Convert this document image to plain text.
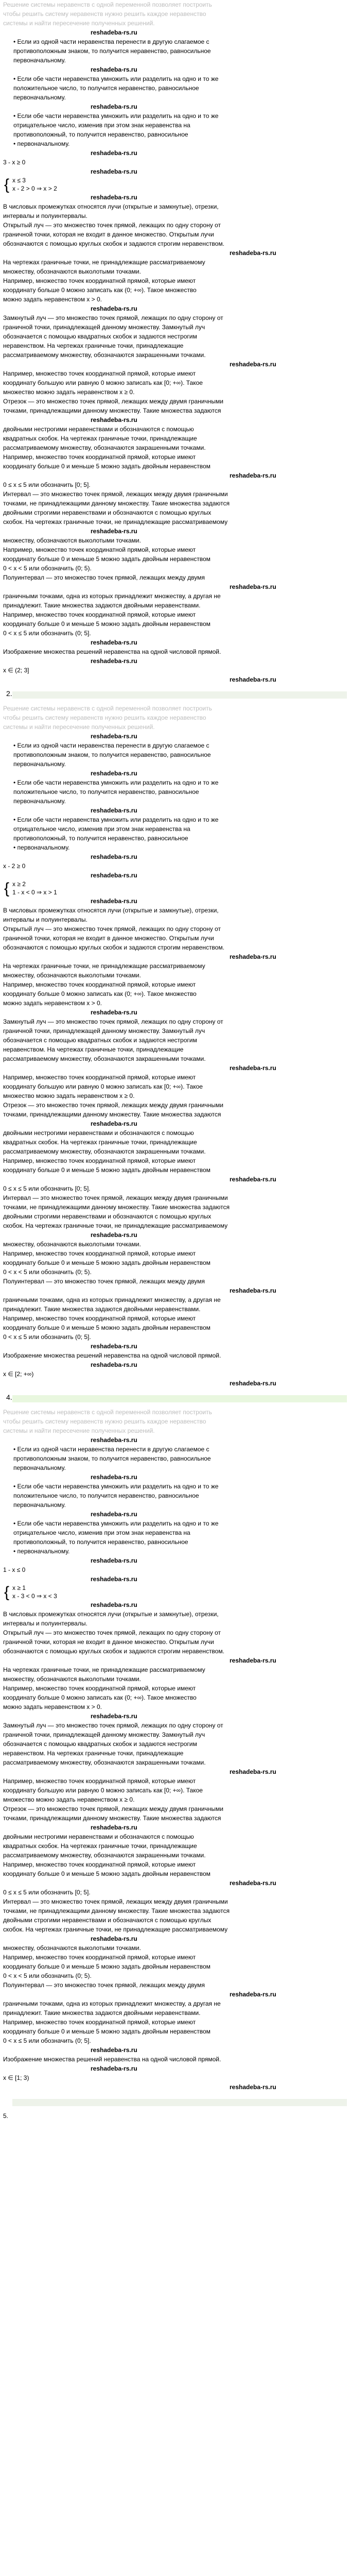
Решение системы неравенств с одной переменной позволяет построить
чтобы решить систему неравенств нужно решить каждое неравенство
системы и найти пересечение полученных решений.
reshadeba-rs.ru
• Если из одной части неравенства перенести в другую слагаемое с
противоположным знаком, то получится неравенство, равносильное
первоначальному.
reshadeba-rs.ru
• Если обе части неравенства умножить или разделить на одно и то же
положительное число, то получится неравенство, равносильное
первоначальному.
reshadeba-rs.ru
• Если обе части неравенства умножить или разделить на одно и то же
отрицательное число, изменив при этом знак неравенства на
противоположный, то получится неравенство, равносильное
• первоначальному.
reshadeba-rs.ru
3 - x ≥ 0
reshadeba-rs.ru
{ x ≤ 3
x - 2 > 0 ⇒ x > 2
reshadeba-rs.ru
В числовых промежутках относятся лучи (открытые и замкнутые), отрезки,
интервалы и полуинтервалы.
Открытый луч — это множество точек прямой, лежащих по одну сторону от
граничной точки, которая не входит в данное множество. Открытым лучи
обозначаются с помощью круглых скобок и задаются строгим неравенством.
reshadeba-rs.ru
На чертежах граничные точки, не принадлежащие рассматриваемому
множеству, обозначаются выколотыми точками.
Например, множество точек координатной прямой, которые имеют
координату больше 0 можно записать как (0; +∞). Такое множество
можно задать неравенством x > 0.
reshadeba-rs.ru
Замкнутый луч — это множество точек прямой, лежащих по одну сторону от
граничной точки, принадлежащей данному множеству. Замкнутый луч
обозначается с помощью квадратных скобок и задаются нестрогим
неравенством. На чертежах граничные точки, принадлежащие
рассматриваемому множеству, обозначаются закрашенными точками.
reshadeba-rs.ru
Например, множество точек координатной прямой, которые имеют
координату большую или равную 0 можно записать как [0; +∞). Такое
множество можно задать неравенством x ≥ 0.
Отрезок — это множество точек прямой, лежащих между двумя граничными
точками, принадлежащими данному множеству. Такие множества задаются
reshadeba-rs.ru
двойными нестрогими неравенствами и обозначаются с помощью
квадратных скобок. На чертежах граничные точки, принадлежащие
рассматриваемому множеству, обозначаются закрашенными точками.
Например, множество точек координатной прямой, которые имеют
координату больше 0 и меньше 5 можно задать двойным неравенством
reshadeba-rs.ru
0 ≤ x ≤ 5 или обозначить [0; 5].
Интервал — это множество точек прямой, лежащих между двумя граничными
точками, не принадлежащими данному множеству. Такие множества задаются
двойными строгими неравенствами и обозначаются с помощью круглых
скобок. На чертежах граничные точки, не принадлежащие рассматриваемому
reshadeba-rs.ru
множеству, обозначаются выколотыми точками.
Например, множество точек координатной прямой, которые имеют
координату больше 0 и меньше 5 можно задать двойным неравенством
0 < x < 5 или обозначить (0; 5).
Полуинтервал — это множество точек прямой, лежащих между двумя
reshadeba-rs.ru
граничными точками, одна из которых принадлежит множеству, а другая не
принадлежит. Такие множества задаются двойными неравенствами.
Например, множество точек координатной прямой, которые имеют
координату больше 0 и меньше 5 можно задать двойным неравенством
0 < x ≤ 5 или обозначить (0; 5].
reshadeba-rs.ru
Изображение множества решений неравенства на одной числовой прямой.
reshadeba-rs.ru
x ∈ (2; 3]
reshadeba-rs.ru
2.
Решение системы неравенств с одной переменной позволяет построить
чтобы решить систему неравенств нужно решить каждое неравенство
системы и найти пересечение полученных решений.
reshadeba-rs.ru
• Если из одной части неравенства перенести в другую слагаемое с
противоположным знаком, то получится неравенство, равносильное
первоначальному.
reshadeba-rs.ru
• Если обе части неравенства умножить или разделить на одно и то же
положительное число, то получится неравенство, равносильное
первоначальному.
reshadeba-rs.ru
• Если обе части неравенства умножить или разделить на одно и то же
отрицательное число, изменив при этом знак неравенства на
противоположный, то получится неравенство, равносильное
• первоначальному.
reshadeba-rs.ru
x - 2 ≥ 0
reshadeba-rs.ru
{ x ≥ 2
1 - x < 0 ⇒ x > 1
reshadeba-rs.ru
В числовых промежутках относятся лучи (открытые и замкнутые), отрезки,
интервалы и полуинтервалы.
Открытый луч — это множество точек прямой, лежащих по одну сторону от
граничной точки, которая не входит в данное множество. Открытым лучи
обозначаются с помощью круглых скобок и задаются строгим неравенством.
reshadeba-rs.ru
На чертежах граничные точки, не принадлежащие рассматриваемому
множеству, обозначаются выколотыми точками.
Например, множество точек координатной прямой, которые имеют
координату больше 0 можно записать как (0; +∞). Такое множество
можно задать неравенством x > 0.
reshadeba-rs.ru
Замкнутый луч — это множество точек прямой, лежащих по одну сторону от
граничной точки, принадлежащей данному множеству. Замкнутый луч
обозначается с помощью квадратных скобок и задаются нестрогим
неравенством. На чертежах граничные точки, принадлежащие
рассматриваемому множеству, обозначаются закрашенными точками.
reshadeba-rs.ru
Например, множество точек координатной прямой, которые имеют
координату большую или равную 0 можно записать как [0; +∞). Такое
множество можно задать неравенством x ≥ 0.
Отрезок — это множество точек прямой, лежащих между двумя граничными
точками, принадлежащими данному множеству. Такие множества задаются
reshadeba-rs.ru
двойными нестрогими неравенствами и обозначаются с помощью
квадратных скобок. На чертежах граничные точки, принадлежащие
рассматриваемому множеству, обозначаются закрашенными точками.
Например, множество точек координатной прямой, которые имеют
координату больше 0 и меньше 5 можно задать двойным неравенством
reshadeba-rs.ru
0 ≤ x ≤ 5 или обозначить [0; 5].
Интервал — это множество точек прямой, лежащих между двумя граничными
точками, не принадлежащими данному множеству. Такие множества задаются
двойными строгими неравенствами и обозначаются с помощью круглых
скобок. На чертежах граничные точки, не принадлежащие рассматриваемому
reshadeba-rs.ru
множеству, обозначаются выколотыми точками.
Например, множество точек координатной прямой, которые имеют
координату больше 0 и меньше 5 можно задать двойным неравенством
0 < x < 5 или обозначить (0; 5).
Полуинтервал — это множество точек прямой, лежащих между двумя
reshadeba-rs.ru
граничными точками, одна из которых принадлежит множеству, а другая не
принадлежит. Такие множества задаются двойными неравенствами.
Например, множество точек координатной прямой, которые имеют
координату больше 0 и меньше 5 можно задать двойным неравенством
0 < x ≤ 5 или обозначить (0; 5].
reshadeba-rs.ru
Изображение множества решений неравенства на одной числовой прямой.
reshadeba-rs.ru
x ∈ [2; +∞)
reshadeba-rs.ru
4.
Решение системы неравенств с одной переменной позволяет построить
чтобы решить систему неравенств нужно решить каждое неравенство
системы и найти пересечение полученных решений.
reshadeba-rs.ru
• Если из одной части неравенства перенести в другую слагаемое с
противоположным знаком, то получится неравенство, равносильное
первоначальному.
reshadeba-rs.ru
• Если обе части неравенства умножить или разделить на одно и то же
положительное число, то получится неравенство, равносильное
первоначальному.
reshadeba-rs.ru
• Если обе части неравенства умножить или разделить на одно и то же
отрицательное число, изменив при этом знак неравенства на
противоположный, то получится неравенство, равносильное
• первоначальному.
reshadeba-rs.ru
1 - x ≤ 0
reshadeba-rs.ru
{ x ≥ 1
x - 3 < 0 ⇒ x < 3
reshadeba-rs.ru
В числовых промежутках относятся лучи (открытые и замкнутые), отрезки,
интервалы и полуинтервалы.
Открытый луч — это множество точек прямой, лежащих по одну сторону от
граничной точки, которая не входит в данное множество. Открытым лучи
обозначаются с помощью круглых скобок и задаются строгим неравенством.
reshadeba-rs.ru
На чертежах граничные точки, не принадлежащие рассматриваемому
множеству, обозначаются выколотыми точками.
Например, множество точек координатной прямой, которые имеют
координату больше 0 можно записать как (0; +∞). Такое множество
можно задать неравенством x > 0.
reshadeba-rs.ru
Замкнутый луч — это множество точек прямой, лежащих по одну сторону от
граничной точки, принадлежащей данному множеству. Замкнутый луч
обозначается с помощью квадратных скобок и задаются нестрогим
неравенством. На чертежах граничные точки, принадлежащие
рассматриваемому множеству, обозначаются закрашенными точками.
reshadeba-rs.ru
Например, множество точек координатной прямой, которые имеют
координату большую или равную 0 можно записать как [0; +∞). Такое
множество можно задать неравенством x ≥ 0.
Отрезок — это множество точек прямой, лежащих между двумя граничными
точками, принадлежащими данному множеству. Такие множества задаются
reshadeba-rs.ru
двойными нестрогими неравенствами и обозначаются с помощью
квадратных скобок. На чертежах граничные точки, принадлежащие
рассматриваемому множеству, обозначаются закрашенными точками.
Например, множество точек координатной прямой, которые имеют
координату больше 0 и меньше 5 можно задать двойным неравенством
reshadeba-rs.ru
0 ≤ x ≤ 5 или обозначить [0; 5].
Интервал — это множество точек прямой, лежащих между двумя граничными
точками, не принадлежащими данному множеству. Такие множества задаются
двойными строгими неравенствами и обозначаются с помощью круглых
скобок. На чертежах граничные точки, не принадлежащие рассматриваемому
reshadeba-rs.ru
множеству, обозначаются выколотыми точками.
Например, множество точек координатной прямой, которые имеют
координату больше 0 и меньше 5 можно задать двойным неравенством
0 < x < 5 или обозначить (0; 5).
Полуинтервал — это множество точек прямой, лежащих между двумя
reshadeba-rs.ru
граничными точками, одна из которых принадлежит множеству, а другая не
принадлежит. Такие множества задаются двойными неравенствами.
Например, множество точек координатной прямой, которые имеют
координату больше 0 и меньше 5 можно задать двойным неравенством
0 < x ≤ 5 или обозначить (0; 5].
reshadeba-rs.ru
Изображение множества решений неравенства на одной числовой прямой.
reshadeba-rs.ru
x ∈ [1; 3)
reshadeba-rs.ru
5.
